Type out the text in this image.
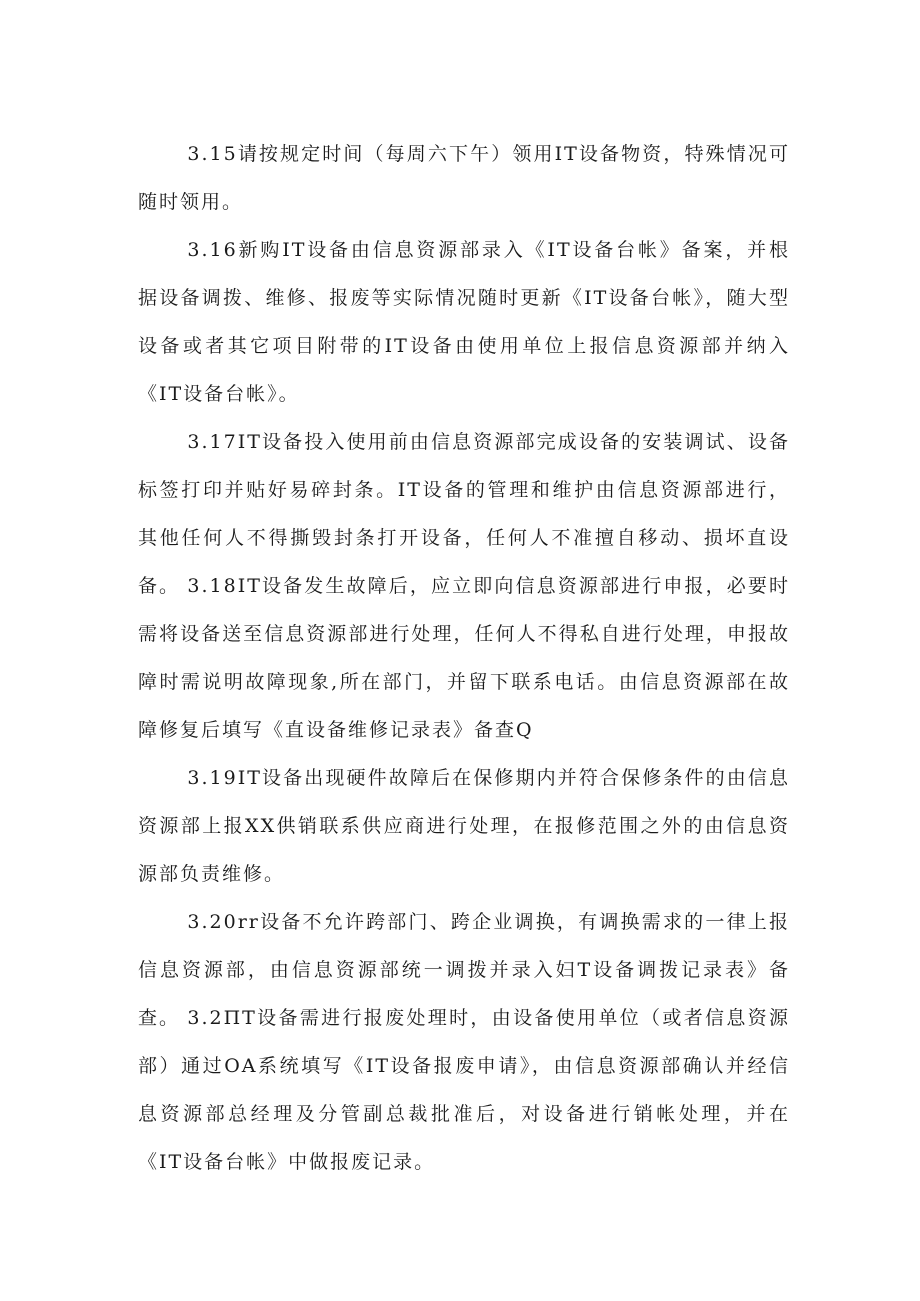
3.15请按规定时间（每周六下午）领用IT设备物资，特殊情况可随时领用。

3.16新购IT设备由信息资源部录入《IT设备台帐》备案，并根据设备调拨、维修、报废等实际情况随时更新《IT设备台帐》，随大型设备或者其它项目附带的IT设备由使用单位上报信息资源部并纳入《IT设备台帐》。

3.17IT设备投入使用前由信息资源部完成设备的安装调试、设备标签打印并贴好易碎封条。IT设备的管理和维护由信息资源部进行，其他任何人不得撕毁封条打开设备，任何人不准擅自移动、损坏直设备。 3.18IT设备发生故障后，应立即向信息资源部进行申报，必要时需将设备送至信息资源部进行处理，任何人不得私自进行处理，申报故障时需说明故障现象,所在部门，并留下联系电话。由信息资源部在故障修复后填写《直设备维修记录表》备查Q

3.19IT设备出现硬件故障后在保修期内并符合保修条件的由信息资源部上报XX供销联系供应商进行处理，在报修范围之外的由信息资源部负责维修。

3.20rr设备不允许跨部门、跨企业调换，有调换需求的一律上报信息资源部，由信息资源部统一调拨并录入妇T设备调拨记录表》备查。 3.2ΠT设备需进行报废处理时，由设备使用单位（或者信息资源部）通过OA系统填写《IT设备报废申请》，由信息资源部确认并经信息资源部总经理及分管副总裁批准后，对设备进行销帐处理，并在《IT设备台帐》中做报废记录。
